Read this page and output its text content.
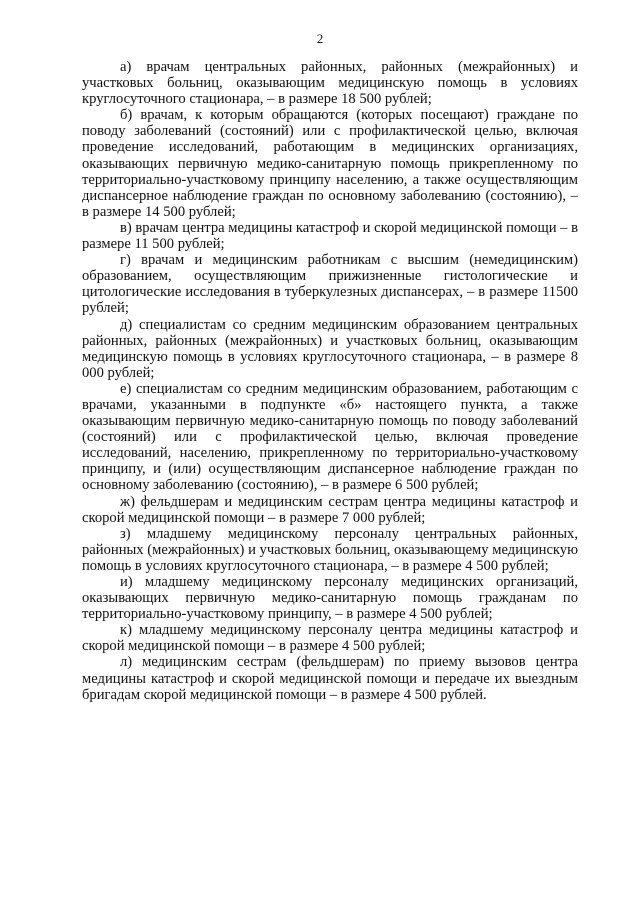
2

а) врачам центральных районных, районных (межрайонных) и участковых больниц, оказывающим медицинскую помощь в условиях круглосуточного стационара, – в размере 18 500 рублей;

б) врачам, к которым обращаются (которых посещают) граждане по поводу заболеваний (состояний) или с профилактической целью, включая проведение исследований, работающим в медицинских организациях, оказывающих первичную медико-санитарную помощь прикрепленному по территориально-участковому принципу населению, а также осуществляющим диспансерное наблюдение граждан по основному заболеванию (состоянию), – в размере 14 500 рублей;

в) врачам центра медицины катастроф и скорой медицинской помощи – в размере 11 500 рублей;

г) врачам и медицинским работникам с высшим (немедицинским) образованием, осуществляющим прижизненные гистологические и цитологические исследования в туберкулезных диспансерах, – в размере 11500 рублей;

д) специалистам со средним медицинским образованием центральных районных, районных (межрайонных) и участковых больниц, оказывающим медицинскую помощь в условиях круглосуточного стационара, – в размере 8 000 рублей;

е) специалистам со средним медицинским образованием, работающим с врачами, указанными в подпункте «б» настоящего пункта, а также оказывающим первичную медико-санитарную помощь по поводу заболеваний (состояний) или с профилактической целью, включая проведение исследований, населению, прикрепленному по территориально-участковому принципу, и (или) осуществляющим диспансерное наблюдение граждан по основному заболеванию (состоянию), – в размере 6 500 рублей;

ж) фельдшерам и медицинским сестрам центра медицины катастроф и скорой медицинской помощи – в размере 7 000 рублей;

з) младшему медицинскому персоналу центральных районных, районных (межрайонных) и участковых больниц, оказывающему медицинскую помощь в условиях круглосуточного стационара, – в размере 4 500 рублей;

и) младшему медицинскому персоналу медицинских организаций, оказывающих первичную медико-санитарную помощь гражданам по территориально-участковому принципу, – в размере 4 500 рублей;

к) младшему медицинскому персоналу центра медицины катастроф и скорой медицинской помощи – в размере 4 500 рублей;

л) медицинским сестрам (фельдшерам) по приему вызовов центра медицины катастроф и скорой медицинской помощи и передаче их выездным бригадам скорой медицинской помощи – в размере 4 500 рублей.
